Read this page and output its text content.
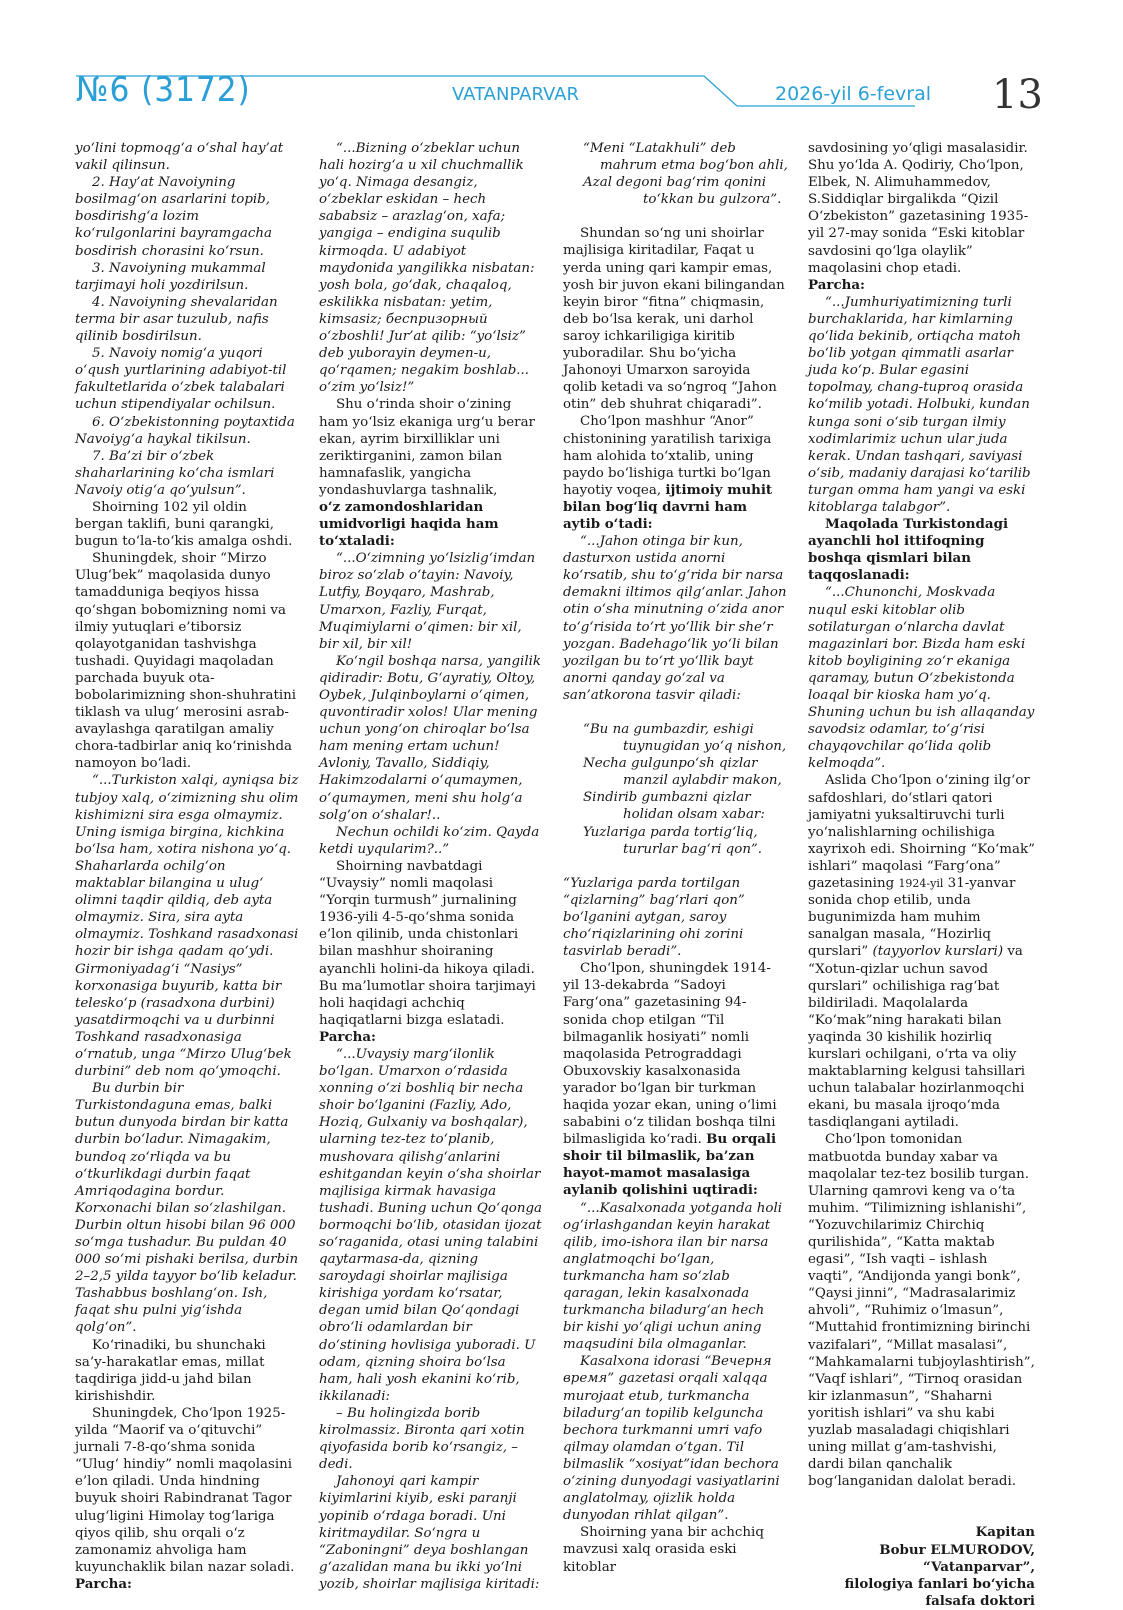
№6 (3172)	VATANPARVAR	2026-yil 6-fevral 13

yo‘lini topmoqg‘a o‘shal hay’at vakil qilinsun.

2. Hay’at Navoiyning bosilmag‘on asarlarini topib, bosdirishg‘a lozim ko‘rulgonlarini bayramgacha bosdirish chorasini ko‘rsun.

3. Navoiyning mukammal tarjimayi holi yozdirilsun.

4. Navoiyning shevalaridan terma bir asar tuzulub, nafis qilinib bosdirilsun.

5. Navoiy nomig‘a yuqori o‘qush yurtlarining adabiyot-til fakultetlarida o‘zbek talabalari uchun stipendiyalar ochilsun.

6. O‘zbekistonning poytaxtida Navoiyg‘a haykal tikilsun.

7. Ba’zi bir o‘zbek shaharlarining ko‘cha ismlari Navoiy otig‘a qo‘yulsun”.

Shoirning 102 yil oldin bergan taklifi, buni qarangki, bugun to‘la-to‘kis amalga oshdi.

Shuningdek, shoir “Mirzo Ulug‘bek” maqolasida dunyo tamadduniga beqiyos hissa qo‘shgan bobomizning nomi va ilmiy yutuqlari e’tiborsiz qolayotganidan tashvishga tushadi. Quyidagi maqoladan parchada buyuk ota-bobolarimizning shon-shuhratini tiklash va ulug‘ merosini asrab-avaylashga qaratilgan amaliy chora-tadbirlar aniq ko‘rinishda namoyon bo‘ladi.

“...Turkiston xalqi, ayniqsa biz tubjoy xalq, o‘zimizning shu olim kishimizni sira esga olmaymiz. Uning ismiga birgina, kichkina bo‘lsa ham, xotira nishona yo‘q. Shaharlarda ochilg‘on maktablar bilangina u ulug‘ olimni taqdir qildiq, deb ayta olmaymiz. Sira, sira ayta olmaymiz. Toshkand rasadxonasi hozir bir ishga qadam qo‘ydi. Girmoniyadag‘i “Nasiys” korxonasiga buyurib, katta bir telesko‘p (rasadxona durbini) yasatdirmoqchi va u durbinni Toshkand rasadxonasiga o‘rnatub, unga “Mirzo Ulug‘bek durbini” deb nom qo‘ymoqchi.

Bu durbin bir Turkistondaguna emas, balki butun dunyoda birdan bir katta durbin bo‘ladur. Nimagakim, bundoq zo‘rliqda va bu o‘tkurlikdagi durbin faqat Amriqodagina bordur. Korxonachi bilan so‘zlashilgan. Durbin oltun hisobi bilan 96 000 so‘mga tushadur. Bu puldan 40 000 so‘mi pishaki berilsa, durbin 2–2,5 yilda tayyor bo‘lib keladur. Tashabbus boshlang‘on. Ish, faqat shu pulni yig‘ishda qolg‘on”.

Ko‘rinadiki, bu shunchaki sa’y-harakatlar emas, millat taqdiriga jidd-u jahd bilan kirishishdir.

Shuningdek, Cho‘lpon 1925-yilda “Maorif va o‘qituvchi” jurnali 7-8-qo‘shma sonida “Ulug‘ hindiy” nomli maqolasini e’lon qiladi. Unda hindning buyuk shoiri Rabindranat Tagor ulug‘ligini Himolay tog‘lariga qiyos qilib, shu orqali o‘z zamonamiz ahvoliga ham kuyunchaklik bilan nazar soladi.

Parcha:

“...Bizning o‘zbeklar uchun hali hozirg‘a u xil chuchmallik yo‘q. Nimaga desangiz, o‘zbeklar eskidan – hech sababsiz – arazlag‘on, xafa; yangiga – endigina suqulib kirmoqda. U adabiyot maydonida yangilikka nisbatan: yosh bola, go‘dak, chaqaloq, eskilikka nisbatan: yetim, kimsasiz; беспризорный o‘zboshli! Jur’at qilib: “yo‘lsiz” deb yuborayin deymen-u, qo‘rqamen; negakim boshlab... o‘zim yo‘lsiz!”

Shu o‘rinda shoir o‘zining ham yo‘lsiz ekaniga urg‘u berar ekan, ayrim birxilliklar uni zeriktirganini, zamon bilan hamnafaslik, yangicha yondashuvlarga tashnalik,

o‘z zamondoshlaridan umidvorligi haqida ham to‘xtaladi:

“...O‘zimning yo‘lsizlig‘imdan biroz so‘zlab o‘tayin: Navoiy, Lutfiy, Boyqaro, Mashrab, Umarxon, Fazliy, Furqat, Muqimiylarni o‘qimen: bir xil, bir xil, bir xil!

Ko‘ngil boshqa narsa, yangilik qidiradir: Botu, G‘ayratiy, Oltoy, Oybek, Julqinboylarni o‘qimen, quvontiradir xolos! Ular mening uchun yong‘on chiroqlar bo‘lsa ham mening ertam uchun! Avloniy, Tavallo, Siddiqiy, Hakimzodalarni o‘qumaymen, o‘qumaymen, meni shu holg‘a solg‘on o‘shalar!..

Nechun ochildi ko‘zim. Qayda ketdi uyqularim?..”

Shoirning navbatdagi “Uvaysiy” nomli maqolasi “Yorqin turmush” jurnalining 1936-yili 4-5-qo‘shma sonida e’lon qilinib, unda chistonlari bilan mashhur shoiraning ayanchli holini-da hikoya qiladi. Bu ma’lumotlar shoira tarjimayi holi haqidagi achchiq haqiqatlarni bizga eslatadi.

Parcha:

“...Uvaysiy marg‘ilonlik bo‘lgan. Umarxon o‘rdasida xonning o‘zi boshliq bir necha shoir bo‘lganini (Fazliy, Ado, Hoziq, Gulxaniy va boshqalar), ularning tez-tez to‘planib, mushovara qilishg‘anlarini eshitgandan keyin o‘sha shoirlar majlisiga kirmak havasiga tushadi. Buning uchun Qo‘qonga bormoqchi bo‘lib, otasidan ijozat so‘raganida, otasi uning talabini qaytarmasa-da, qizning saroydagi shoirlar majlisiga kirishiga yordam ko‘rsatar, degan umid bilan Qo‘qondagi obro‘li odamlardan bir do‘stining hovlisiga yuboradi. U odam, qizning shoira bo‘lsa ham, hali yosh ekanini ko‘rib, ikkilanadi:

– Bu holingizda borib kirolmassiz. Bironta qari xotin qiyofasida borib ko‘rsangiz, – dedi.

Jahonoyi qari kampir kiyimlarini kiyib, eski paranji yopinib o‘rdaga boradi. Uni kiritmaydilar. So‘ngra u “Zaboningni” deya boshlangan g‘azalidan mana bu ikki yo‘lni yozib, shoirlar majlisiga kiritadi:

“Meni “Latakhuli” deb
mahrum etma bog‘bon ahli,
Azal degoni bag‘rim qonini
to‘kkan bu gulzora”.

Shundan so‘ng uni shoirlar majlisiga kiritadilar, Faqat u yerda uning qari kampir emas, yosh bir juvon ekani bilingandan keyin biror “fitna” chiqmasin, deb bo‘lsa kerak, uni darhol saroy ichkariligiga kiritib yuboradilar. Shu bo‘yicha Jahonoyi Umarxon saroyida qolib ketadi va so‘ngroq “Jahon otin” deb shuhrat chiqaradi”.

Cho‘lpon mashhur “Anor” chistonining yaratilish tarixiga ham alohida to‘xtalib, uning paydo bo‘lishiga turtki bo‘lgan hayotiy voqea, ijtimoiy muhit bilan bog‘liq davrni ham aytib o‘tadi:

“...Jahon otinga bir kun, dasturxon ustida anorni ko‘rsatib, shu to‘g‘rida bir narsa demakni iltimos qilg‘anlar. Jahon otin o‘sha minutning o‘zida anor to‘g‘risida to‘rt yo‘llik bir she’r yozgan. Badehago‘lik yo‘li bilan yozilgan bu to‘rt yo‘llik bayt anorni qanday go‘zal va san’atkorona tasvir qiladi:

“Bu na gumbazdir, eshigi
tuynugidan yo‘q nishon,
Necha gulgunpo‘sh qizlar
manzil aylabdir makon,
Sindirib gumbazni qizlar
holidan olsam xabar:
Yuzlariga parda tortig‘liq,
tururlar bag‘ri qon”.

“Yuzlariga parda tortilgan “qizlarning” bag‘rlari qon” bo‘lganini aytgan, saroy cho‘riqizlarining ohi zorini tasvirlab beradi”.

Cho‘lpon, shuningdek 1914-yil 13-dekabrda “Sadoyi Farg‘ona” gazetasining 94-sonida chop etilgan “Til bilmaganlik hosiyati” nomli maqolasida Petrograddagi Obuxovskiy kasalxonasida yarador bo‘lgan bir turkman haqida yozar ekan, uning o‘limi sababini o‘z tilidan boshqa tilni bilmasligida ko‘radi. Bu orqali shoir til bilmaslik, ba’zan hayot-mamot masalasiga aylanib qolishini uqtiradi:

“...Kasalxonada yotganda holi og‘irlashgandan keyin harakat qilib, imo-ishora ilan bir narsa anglatmoqchi bo‘lgan, turkmancha ham so‘zlab qaragan, lekin kasalxonada turkmancha biladurg‘an hech bir kishi yo‘qligi uchun aning maqsudini bila olmaganlar.

Kasalxona idorasi “Вечерня время” gazetasi orqali xalqqa murojaat etub, turkmancha biladurg‘an topilib kelguncha bechora turkmanni umri vafo qilmay olamdan o‘tgan. Til bilmaslik “xosiyat”idan bechora o‘zining dunyodagi vasiyatlarini anglatolmay, ojizlik holda dunyodan rihlat qilgan”.

Shoirning yana bir achchiq mavzusi xalq orasida eski kitoblar

savdosining yo‘qligi masalasidir. Shu yo‘lda A. Qodiriy, Cho‘lpon, Elbek, N. Alimuhammedov, S.Siddiqlar birgalikda “Qizil O‘zbekiston” gazetasining 1935-yil 27-may sonida “Eski kitoblar savdosini qo‘lga olaylik” maqolasini chop etadi.

Parcha:

“...Jumhuriyatimizning turli burchaklarida, har kimlarning qo‘lida bekinib, ortiqcha matoh bo‘lib yotgan qimmatli asarlar juda ko‘p. Bular egasini topolmay, chang-tuproq orasida ko‘milib yotadi. Holbuki, kundan kunga soni o‘sib turgan ilmiy xodimlarimiz uchun ular juda kerak. Undan tashqari, saviyasi o‘sib, madaniy darajasi ko‘tarilib turgan omma ham yangi va eski kitoblarga talabgor”.

Maqolada Turkistondagi ayanchli hol ittifoqning boshqa qismlari bilan taqqoslanadi:

“...Chunonchi, Moskvada nuqul eski kitoblar olib sotilaturgan o‘nlarcha davlat magazinlari bor. Bizda ham eski kitob boyligining zo‘r ekaniga qaramay, butun O‘zbekistonda loaqal bir kioska ham yo‘q. Shuning uchun bu ish allaqanday savodsiz odamlar, to‘g‘risi chayqovchilar qo‘lida qolib kelmoqda”.

Aslida Cho‘lpon o‘zining ilg‘or safdoshlari, do‘stlari qatori jamiyatni yuksaltiruvchi turli yo‘nalishlarning ochilishiga xayrixoh edi. Shoirning “Ko‘mak” ishlari” maqolasi “Farg‘ona” gazetasining 1924-yil 31-yanvar sonida chop etilib, unda bugunimizda ham muhim sanalgan masala, “Hozirliq qurslari” (tayyorlov kurslari) va “Xotun-qizlar uchun savod qurslari” ochilishiga rag‘bat bildiriladi. Maqolalarda “Ko‘mak”ning harakati bilan yaqinda 30 kishilik hozirliq kurslari ochilgani, o‘rta va oliy maktablarning kelgusi tahsillari uchun talabalar hozirlanmoqchi ekani, bu masala ijroqo‘mda tasdiqlangani aytiladi.

Cho‘lpon tomonidan matbuotda bunday xabar va maqolalar tez-tez bosilib turgan. Ularning qamrovi keng va o‘ta muhim. “Tilimizning ishlanishi”, “Yozuvchilarimiz Chirchiq qurilishida”, “Katta maktab egasi”, “Ish vaqti – ishlash vaqti”, “Andijonda yangi bonk”, “Qaysi jinni”, “Madrasalarimiz ahvoli”, “Ruhimiz o‘lmasun”, “Muttahid frontimizning birinchi vazifalari”, “Millat masalasi”, “Mahkamalarni tubjoylashtirish”, “Vaqf ishlari”, “Tirnoq orasidan kir izlanmasun”, “Shaharni yoritish ishlari” va shu kabi yuzlab masaladagi chiqishlari uning millat g‘am-tashvishi, dardi bilan qanchalik bog‘langanidan dalolat beradi.

Kapitan
Bobur ELMURODOV,
“Vatanparvar”,
filologiya fanlari bo‘yicha
falsafa doktori
